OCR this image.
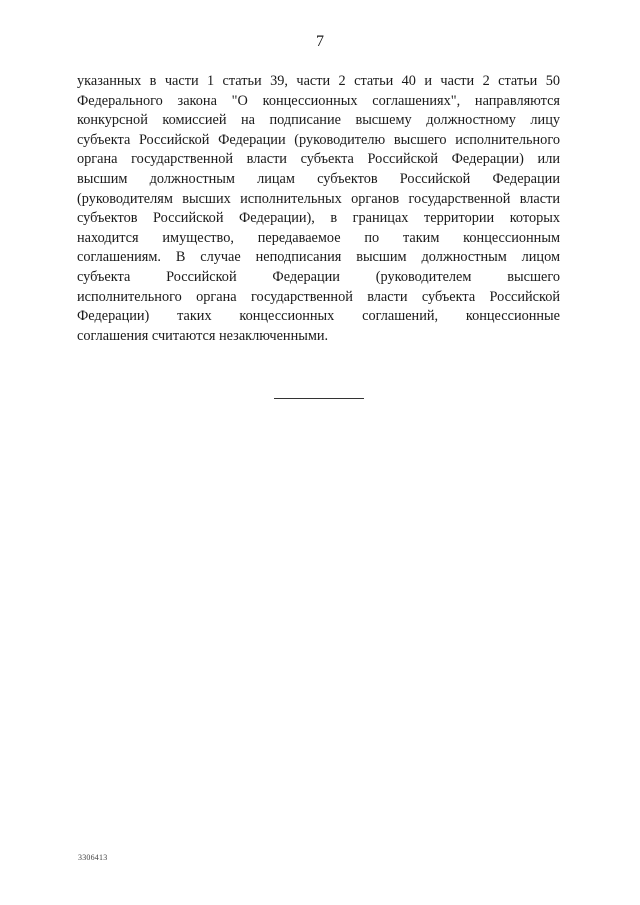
7
указанных в части 1 статьи 39, части 2 статьи 40 и части 2 статьи 50
Федерального закона "О концессионных соглашениях", направляются
конкурсной комиссией на подписание высшему должностному лицу
субъекта Российской Федерации (руководителю высшего исполнительного
органа государственной власти субъекта Российской Федерации) или
высшим должностным лицам субъектов Российской Федерации
(руководителям высших исполнительных органов государственной власти
субъектов Российской Федерации), в границах территории которых
находится имущество, передаваемое по таким концессионным
соглашениям. В случае неподписания высшим должностным лицом
субъекта Российской Федерации (руководителем высшего
исполнительного органа государственной власти субъекта Российской
Федерации) таких концессионных соглашений, концессионные
соглашения считаются незаключенными.
3306413
